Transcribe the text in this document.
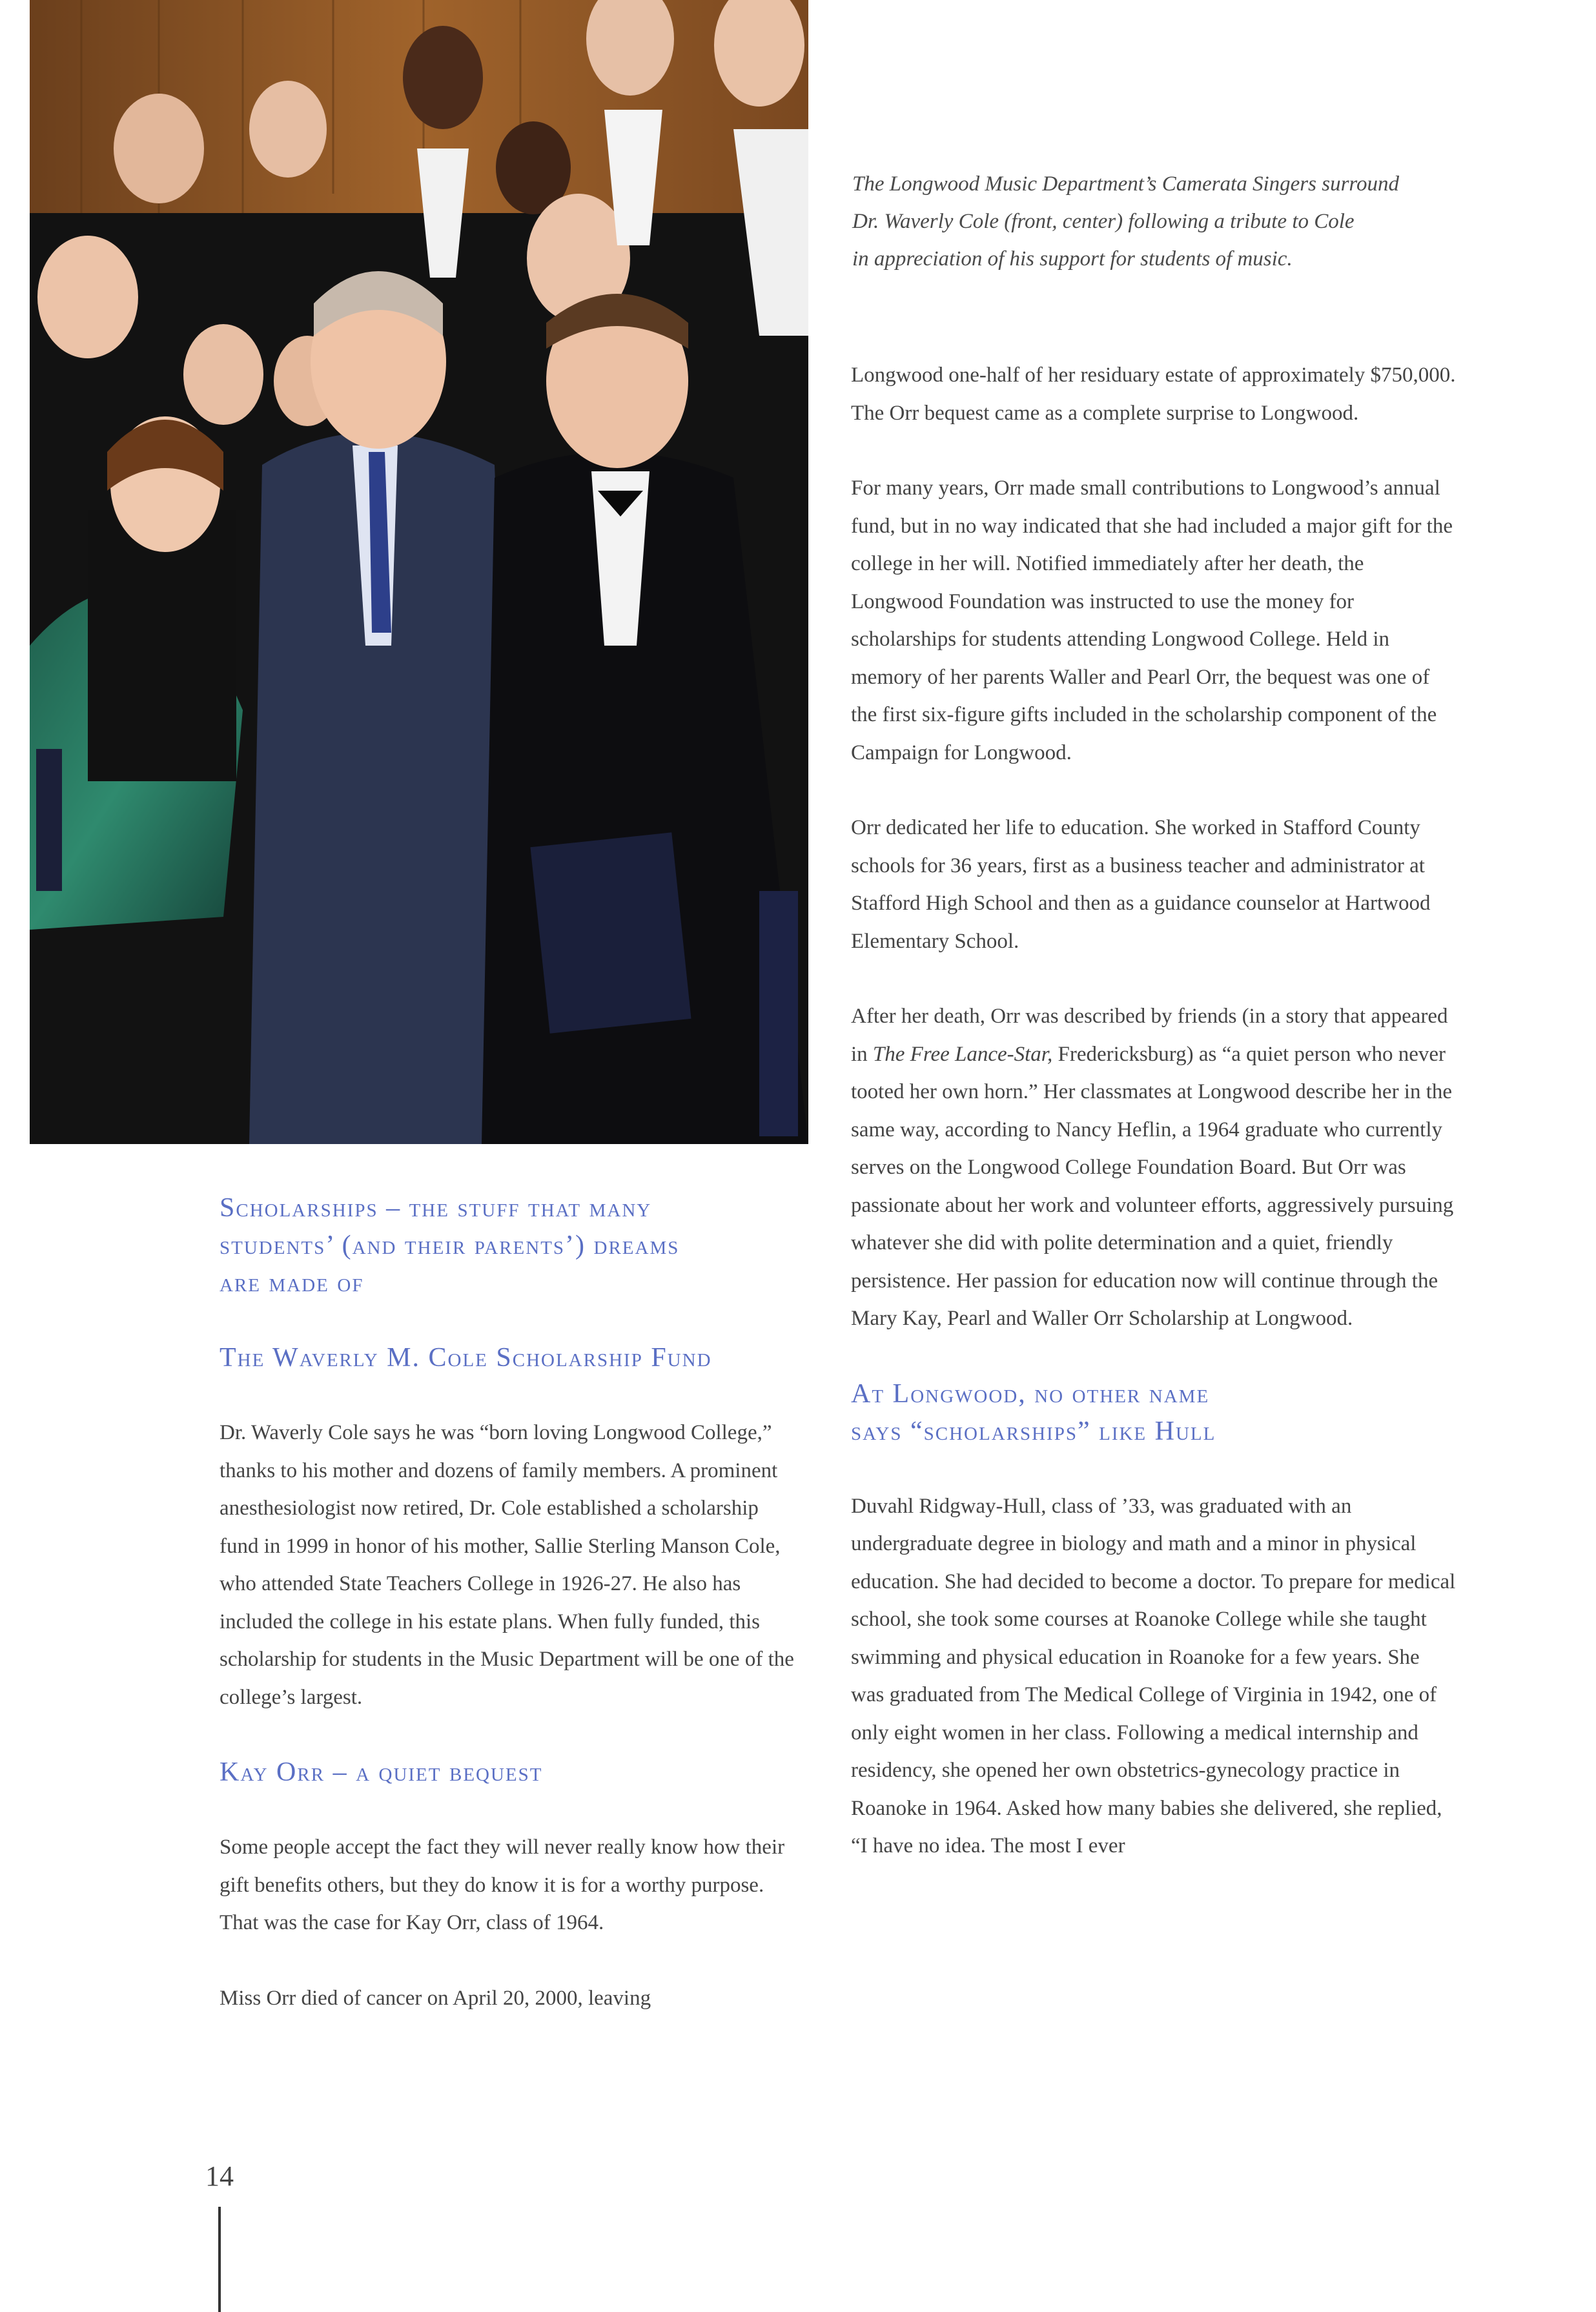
The Longwood Music Department’s Camerata Singers surround
Dr. Waverly Cole (front, center) following a tribute to Cole
in appreciation of his support for students of music.
Scholarships – the stuff that many
students’ (and their parents’) dreams
are made of
The Waverly M. Cole Scholarship Fund

Dr. Waverly Cole says he was “born loving Longwood College,” thanks to his mother and dozens of family members. A prominent anesthesiologist now retired, Dr. Cole established a scholarship fund in 1999 in honor of his mother, Sallie Sterling Manson Cole, who attended State Teachers College in 1926-27. He also has included the college in his estate plans. When fully funded, this scholarship for students in the Music Department will be one of the college’s largest.

Kay Orr – a quiet bequest

Some people accept the fact they will never really know how their gift benefits others, but they do know it is for a worthy purpose. That was the case for Kay Orr, class of 1964.

Miss Orr died of cancer on April 20, 2000, leaving

Longwood one-half of her residuary estate of approximately $750,000. The Orr bequest came as a complete surprise to Longwood.

For many years, Orr made small contributions to Longwood’s annual fund, but in no way indicated that she had included a major gift for the college in her will. Notified immediately after her death, the Longwood Foundation was instructed to use the money for scholarships for students attending Longwood College. Held in memory of her parents Waller and Pearl Orr, the bequest was one of the first six-figure gifts included in the scholarship component of the Campaign for Longwood.

Orr dedicated her life to education. She worked in Stafford County schools for 36 years, first as a business teacher and administrator at Stafford High School and then as a guidance counselor at Hartwood Elementary School.

After her death, Orr was described by friends (in a story that appeared in The Free Lance-Star, Fredericksburg) as “a quiet person who never tooted her own horn.” Her classmates at Longwood describe her in the same way, according to Nancy Heflin, a 1964 graduate who currently serves on the Longwood College Foundation Board. But Orr was passionate about her work and volunteer efforts, aggressively pursuing whatever she did with polite determination and a quiet, friendly persistence. Her passion for education now will continue through the Mary Kay, Pearl and Waller Orr Scholarship at Longwood.

At Longwood, no other name
says “scholarships” like Hull

Duvahl Ridgway-Hull, class of ’33, was graduated with an undergraduate degree in biology and math and a minor in physical education. She had decided to become a doctor. To prepare for medical school, she took some courses at Roanoke College while she taught swimming and physical education in Roanoke for a few years. She was graduated from The Medical College of Virginia in 1942, one of only eight women in her class. Following a medical internship and residency, she opened her own obstetrics-gynecology practice in Roanoke in 1964. Asked how many babies she delivered, she replied, “I have no idea. The most I ever

14
